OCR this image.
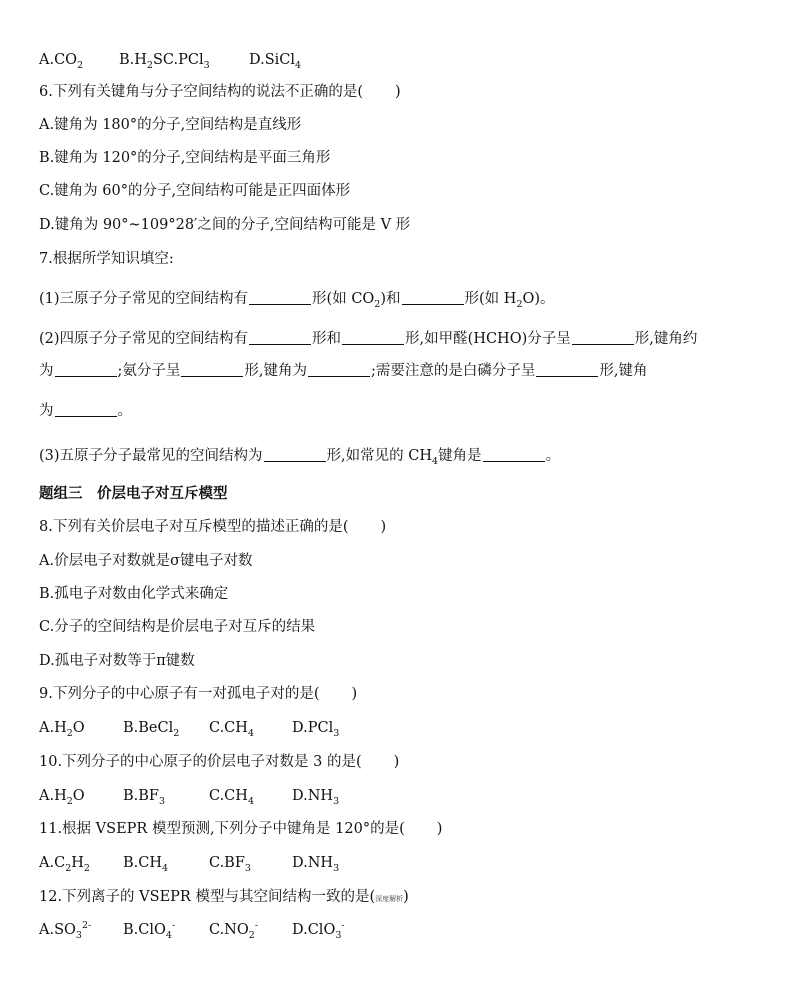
$A.CO_2$ $B.H_2SC.PCl_3$	D.SiCl$_4$
6.下列有关键角与分子空间结构的说法不正确的是( )
A.键角为 180°的分子,空间结构是直线形
B.键角为 120°的分子,空间结构是平面三角形
C.键角为 60°的分子,空间结构可能是正四面体形
D.键角为 90°~109°28′之间的分子,空间结构可能是 V 形
7.根据所学知识填空:
(1)三原子分子常见的空间结构有	形(如 $CO_2$)和	形(如 $H_2O$)。
(2)四原子分子常见的空间结构有	形和	形,如甲醛(HCHO)分子呈	形,键角约
为	;氨分子呈	形,键角为	;需要注意的是白磷分子呈	形,键角
为	。
(3)五原子分子最常见的空间结构为	形,如常见的 $CH_4$键角是	。
题组三　价层电子对互斥模型
8.下列有关价层电子对互斥模型的描述正确的是( )
A.价层电子对数就是σ键电子对数
B.孤电子对数由化学式来确定
C.分子的空间结构是价层电子对互斥的结果
D.孤电子对数等于π键数
9.下列分子的中心原子有一对孤电子对的是( )
$A.H_2O$	B.BeCl$_2$ $C.CH_4$	D.PCl$_3$
10.下列分子的中心原子的价层电子对数是 3 的是( )
$A.H_2O$	$B.BF_3$	$C.CH_4$	$D.NH_3$
11.根据 VSEPR 模型预测,下列分子中键角是 120°的是( )
$A.C_2H_2$ $B.CH_4$	$C.BF_3$	$D.NH_3$
12.下列离子的 VSEPR 模型与其空间结构一致的是(深度解析)
$A.SO_3^{2-}$ B.ClO$_4$- $C.NO_2^-$ D.ClO$_3$-
